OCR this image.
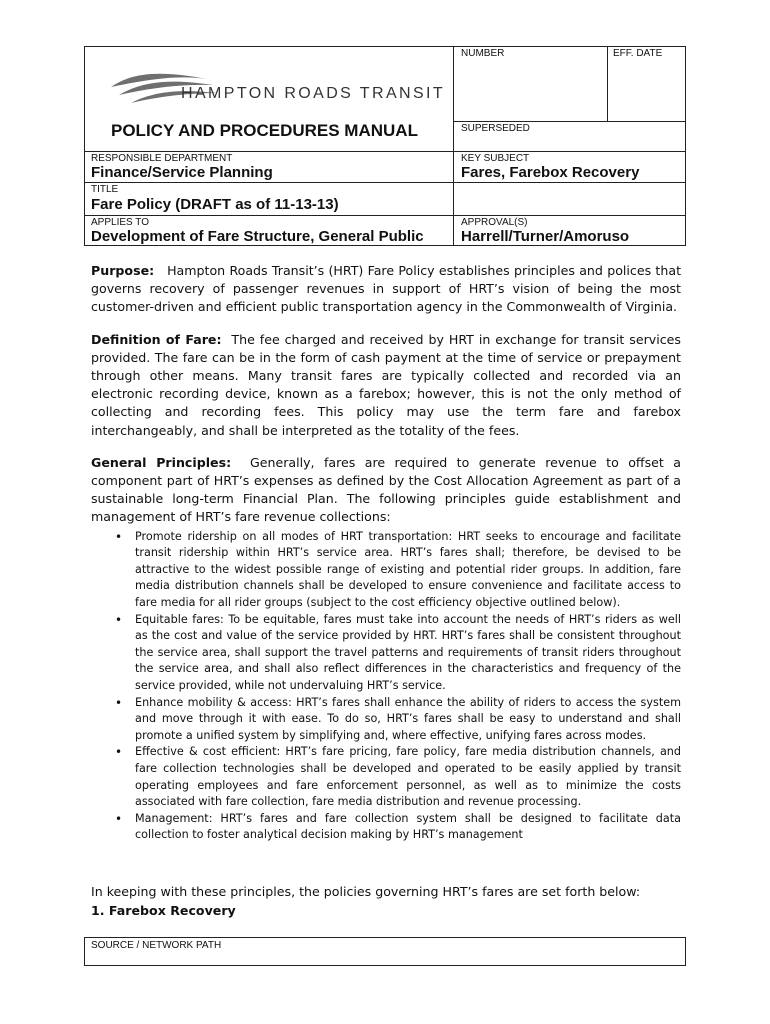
HAMPTON ROADS TRANSIT
POLICY AND PROCEDURES MANUAL
NUMBER	EFF. DATE
SUPERSEDED
RESPONSIBLE DEPARTMENT
Finance/Service Planning
KEY SUBJECT
Fares, Farebox Recovery
TITLE
Fare Policy (DRAFT as of 11-13-13)
APPLIES TO
Development of Fare Structure, General Public
APPROVAL(S)
Harrell/Turner/Amoruso

Purpose: Hampton Roads Transit’s (HRT) Fare Policy establishes principles and polices that governs recovery of passenger revenues in support of HRT’s vision of being the most customer-driven and efficient public transportation agency in the Commonwealth of Virginia.

Definition of Fare: The fee charged and received by HRT in exchange for transit services provided. The fare can be in the form of cash payment at the time of service or prepayment through other means. Many transit fares are typically collected and recorded via an electronic recording device, known as a farebox; however, this is not the only method of collecting and recording fees. This policy may use the term fare and farebox interchangeably, and shall be interpreted as the totality of the fees.

General Principles: Generally, fares are required to generate revenue to offset a component part of HRT’s expenses as defined by the Cost Allocation Agreement as part of a sustainable long-term Financial Plan. The following principles guide establishment and management of HRT’s fare revenue collections:

• Promote ridership on all modes of HRT transportation: HRT seeks to encourage and facilitate transit ridership within HRT’s service area. HRT’s fares shall; therefore, be devised to be attractive to the widest possible range of existing and potential rider groups. In addition, fare media distribution channels shall be developed to ensure convenience and facilitate access to fare media for all rider groups (subject to the cost efficiency objective outlined below).
• Equitable fares: To be equitable, fares must take into account the needs of HRT’s riders as well as the cost and value of the service provided by HRT. HRT’s fares shall be consistent throughout the service area, shall support the travel patterns and requirements of transit riders throughout the service area, and shall also reflect differences in the characteristics and frequency of the service provided, while not undervaluing HRT’s service.
• Enhance mobility & access: HRT’s fares shall enhance the ability of riders to access the system and move through it with ease. To do so, HRT’s fares shall be easy to understand and shall promote a unified system by simplifying and, where effective, unifying fares across modes.
• Effective & cost efficient: HRT’s fare pricing, fare policy, fare media distribution channels, and fare collection technologies shall be developed and operated to be easily applied by transit operating employees and fare enforcement personnel, as well as to minimize the costs associated with fare collection, fare media distribution and revenue processing.
• Management: HRT’s fares and fare collection system shall be designed to facilitate data collection to foster analytical decision making by HRT’s management
In keeping with these principles, the policies governing HRT’s fares are set forth below:
1. Farebox Recovery
SOURCE / NETWORK PATH
